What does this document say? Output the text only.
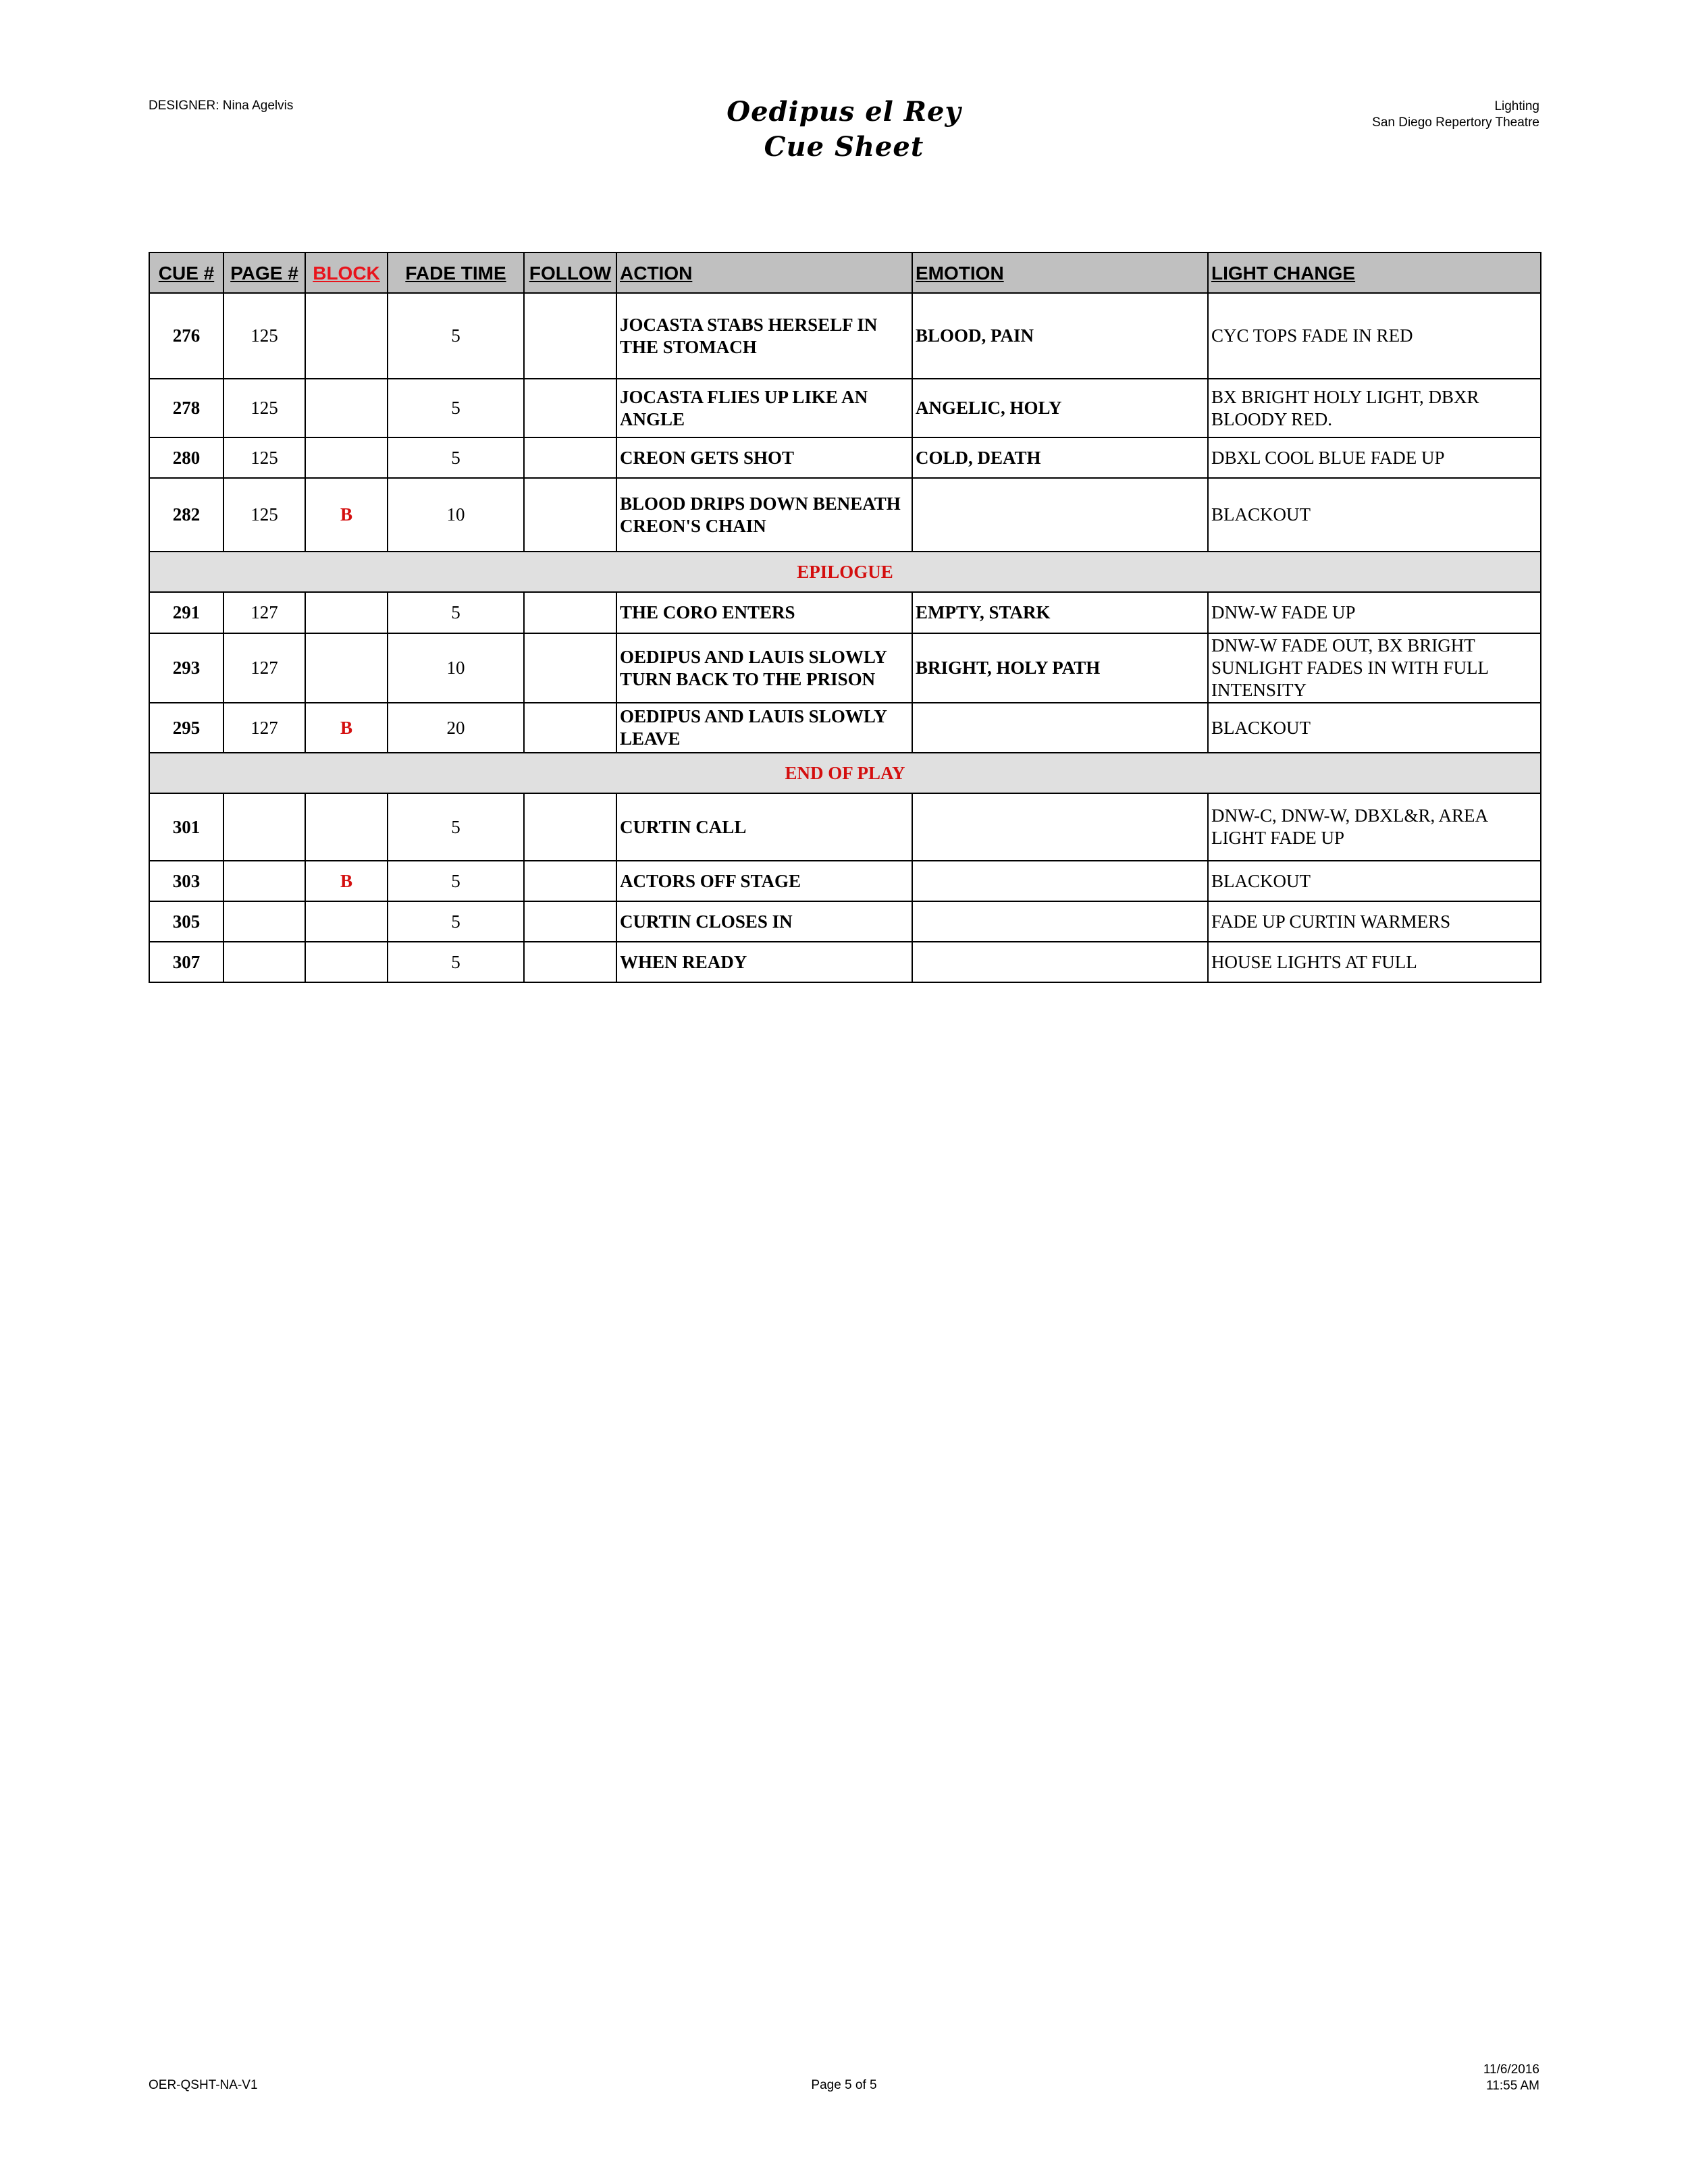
DESIGNER: Nina Agelvis	Oedipus el Rey
Cue Sheet
Lighting
San Diego Repertory Theatre
CUE #	PAGE #	BLOCK	FADE TIME	FOLLOW	ACTION	EMOTION	LIGHT CHANGE
276	125		5		JOCASTA STABS HERSELF IN THE STOMACH	BLOOD, PAIN	CYC TOPS FADE IN RED
278	125		5		JOCASTA FLIES UP LIKE AN ANGLE	ANGELIC, HOLY	BX BRIGHT HOLY LIGHT, DBXR BLOODY RED.
280	125		5		CREON GETS SHOT	COLD, DEATH	DBXL COOL BLUE FADE UP
282	125	B	10		BLOOD DRIPS DOWN BENEATH CREON'S CHAIN		BLACKOUT
EPILOGUE							
291	127		5		THE CORO ENTERS	EMPTY, STARK	DNW-W FADE UP
293	127		10		OEDIPUS AND LAUIS SLOWLY TURN BACK TO THE PRISON	BRIGHT, HOLY PATH	DNW-W FADE OUT, BX BRIGHT SUNLIGHT FADES IN WITH FULL INTENSITY
295	127	B	20		OEDIPUS AND LAUIS SLOWLY LEAVE		BLACKOUT
END OF PLAY							
301			5		CURTIN CALL		DNW-C, DNW-W, DBXL&R, AREA LIGHT FADE UP
303		B	5		ACTORS OFF STAGE		BLACKOUT
305			5		CURTIN CLOSES IN		FADE UP CURTIN WARMERS
307			5		WHEN READY		HOUSE LIGHTS AT FULL
OER-QSHT-NA-V1	Page 5 of 5
11/6/2016
11:55 AM
